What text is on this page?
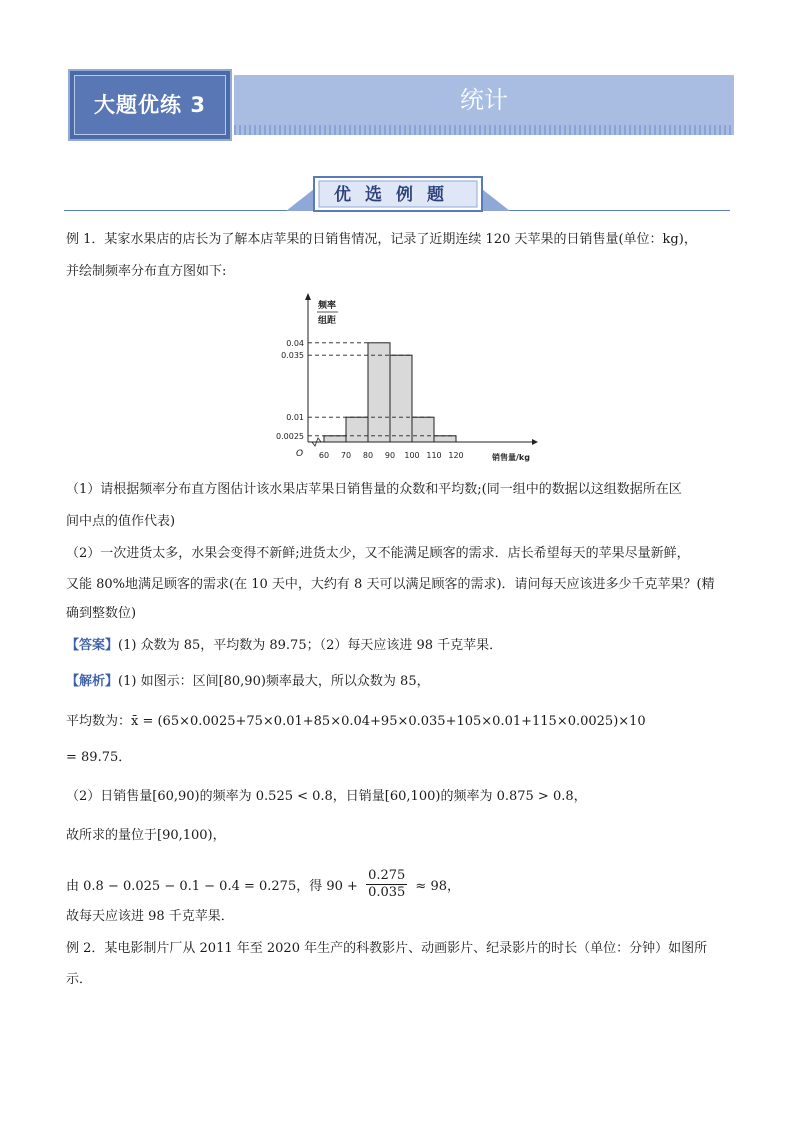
大题优练 3	统计
优选例题
例 1．某家水果店的店长为了解本店苹果的日销售情况，记录了近期连续 120 天苹果的日销售量(单位：kg)，
并绘制频率分布直方图如下:
60 70 80 90 100 110 120
0.04
0.035
0.01
0.0025
O
频率
组距
销售量/kg
（1）请根据频率分布直方图估计该水果店苹果日销售量的众数和平均数;(同一组中的数据以这组数据所在区
间中点的值作代表)
（2）一次进货太多，水果会变得不新鲜;进货太少，又不能满足顾客的需求．店长希望每天的苹果尽量新鲜，
又能 80%地满足顾客的需求(在 10 天中，大约有 8 天可以满足顾客的需求)．请问每天应该进多少千克苹果？(精
确到整数位)
【答案】(1) 众数为 85，平均数为 89.75；（2）每天应该进 98 千克苹果．
【解析】(1) 如图示：区间[80,90)频率最大，所以众数为 85，
平均数为：x̄ = (65×0.0025+75×0.01+85×0.04+95×0.035+105×0.01+115×0.0025)×10
= 89.75．
（2）日销售量[60,90)的频率为 0.525 < 0.8，日销量[60,100)的频率为 0.875 > 0.8，
故所求的量位于[90,100)，
由 0.8 − 0.025 − 0.1 − 0.4 = 0.275，得 $90 + \frac{0.275}{0.035} \approx 98$，
故每天应该进 98 千克苹果．
例 2．某电影制片厂从 2011 年至 2020 年生产的科教影片、动画影片、纪录影片的时长（单位：分钟）如图所
示．
